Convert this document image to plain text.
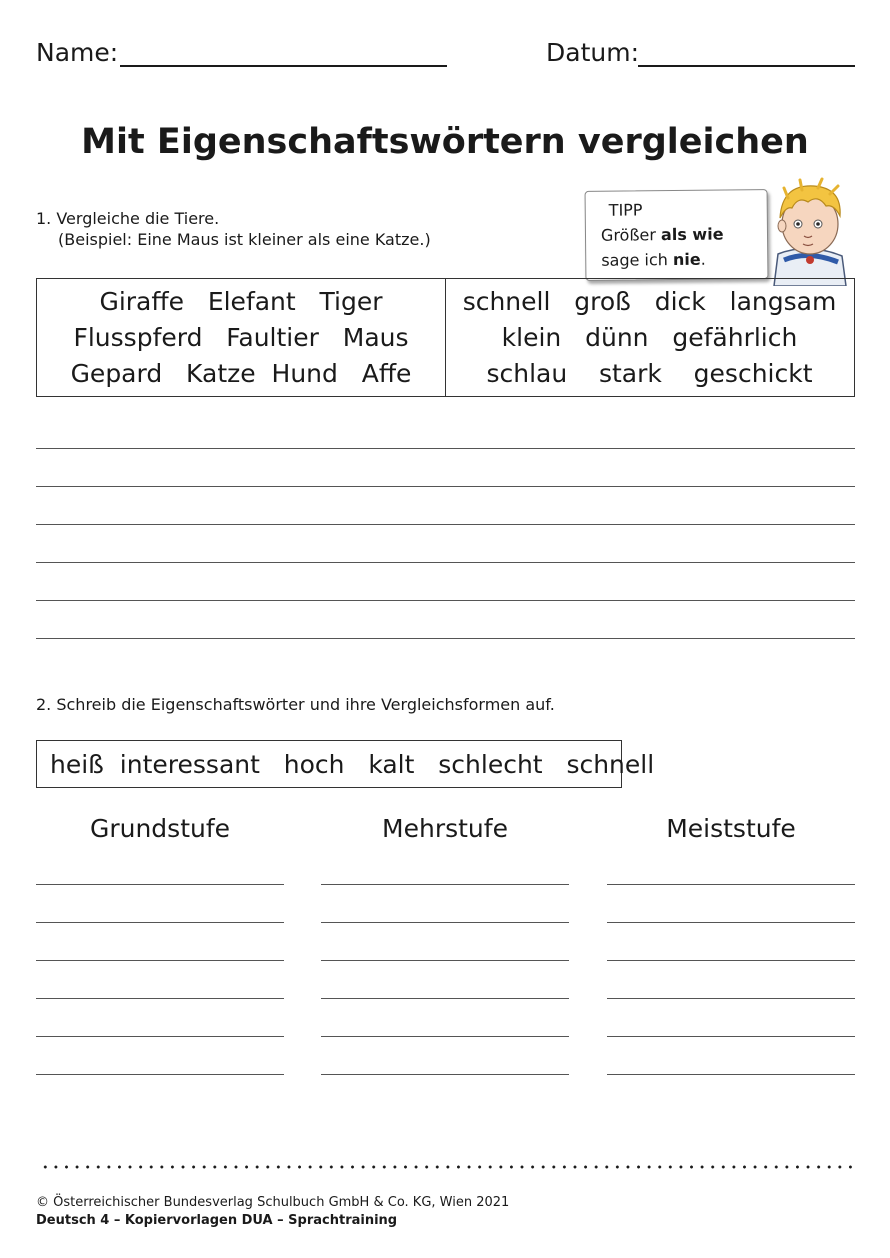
Name:	Datum:
Mit Eigenschaftswörtern vergleichen
1. Vergleiche die Tiere.
(Beispiel: Eine Maus ist kleiner als eine Katze.)
TIPP
Größer als wie
sage ich nie.
Giraffe   Elefant   Tiger
Flusspferd   Faultier   Maus
Gepard   Katze  Hund   Affe
schnell   groß   dick   langsam
klein   dünn   gefährlich
schlau    stark    geschickt
2. Schreib die Eigenschaftswörter und ihre Vergleichsformen auf.
heiß  interessant   hoch   kalt   schlecht   schnell
Grundstufe	Mehrstufe	Meiststufe
© Österreichischer Bundesverlag Schulbuch GmbH & Co. KG, Wien 2021
Deutsch 4 – Kopiervorlagen DUA – Sprachtraining
